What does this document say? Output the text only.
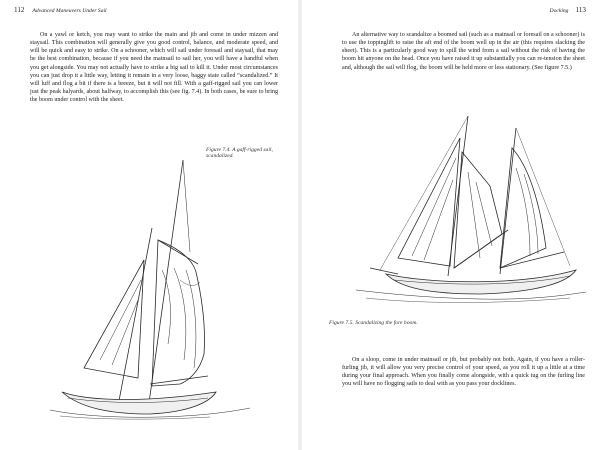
112 Advanced Maneuvers Under Sail

On a yawl or ketch, you may want to strike the main and jib and come in under mizzen and staysail. This combination will generally give you good control, balance, and moderate speed, and will be quick and easy to strike. On a schooner, which will sail under foresail and staysail, that may be the best combination, because if you need the mainsail to sail her, you will have a handful when you get alongside. You may not actually have to strike a big sail to kill it. Under most circumstances you can just drop it a little way, letting it remain in a very loose, baggy state called “scandalized.” It will luff and flog a bit if there is a breeze, but it will not fill. With a gaff-rigged sail you can lower just the peak halyards, about halfway, to accomplish this (see fig. 7.4). In both cases, be sure to bring the boom under control with the sheet.

Figure 7.4. A gaff-rigged sail, scandalized.
Docking 113

An alternative way to scandalize a boomed sail (such as a mainsail or foresail on a schooner) is to use the toppinglift to raise the aft end of the boom well up in the air (this requires slacking the sheet). This is a particularly good way to spill the wind from a sail without the risk of having the boom hit anyone on the head. Once you have raised it up substantially you can re-tension the sheet and, although the sail will flog, the boom will be held more or less stationary. (See figure 7.5.)

Figure 7.5. Scandalizing the fore boom.

On a sloop, come in under mainsail or jib, but probably not both. Again, if you have a roller-furling jib, it will allow you very precise control of your speed, as you roll it up a little at a time during your final approach. When you finally come alongside, with a quick tug on the furling line you will have no flogging sails to deal with as you pass your docklines.
